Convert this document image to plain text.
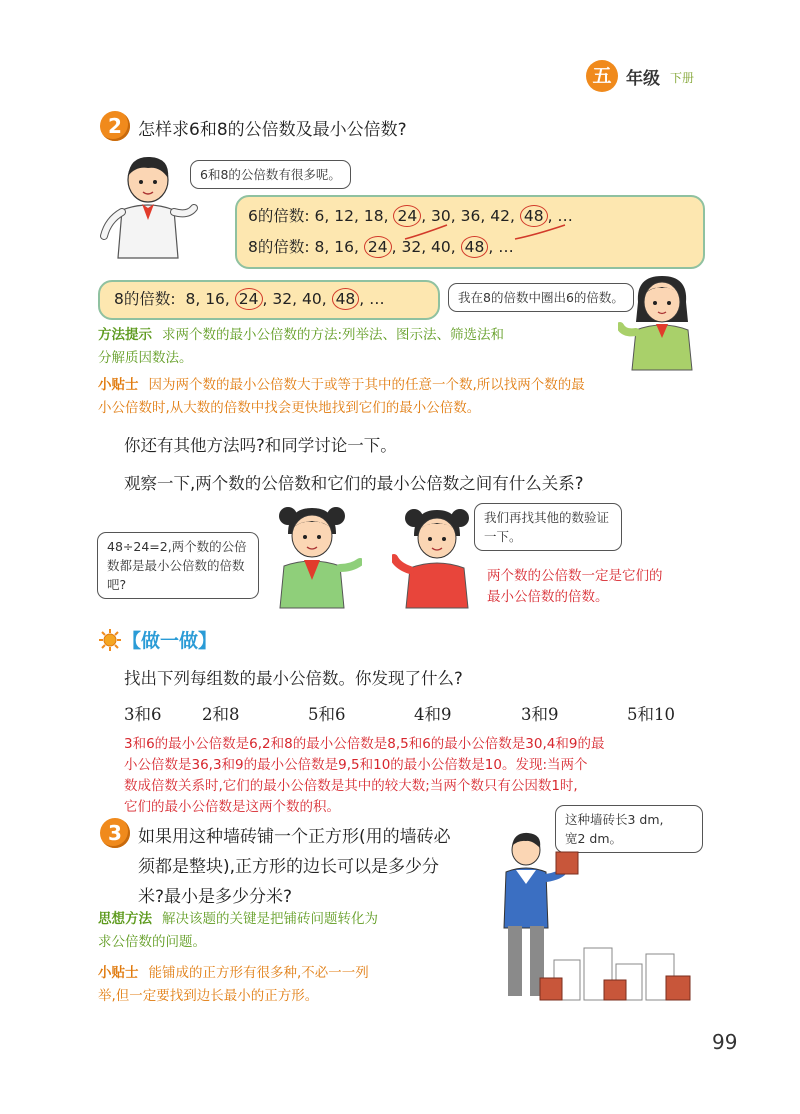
五 年级 下册
2 怎样求6和8的公倍数及最小公倍数?
6和8的公倍数有很多呢。
6的倍数: 6, 12, 18, 24 , 30, 36, 42, 48 , …
8的倍数: 8, 16, 24 , 32, 40, 48 , …
8的倍数: 8, 16, 24 , 32, 40, 48 , …	我在8的倍数中圈出6的倍数。
方法提示 求两个数的最小公倍数的方法:列举法、图示法、筛选法和
分解质因数法。
小贴士 因为两个数的最小公倍数大于或等于其中的任意一个数,所以找两个数的最
小公倍数时,从大数的倍数中找会更快地找到它们的最小公倍数。
你还有其他方法吗?和同学讨论一下。
观察一下,两个数的公倍数和它们的最小公倍数之间有什么关系?
48÷24=2,两个数的公倍数都是最小公倍数的倍数吧?
我们再找其他的数验证一下。
两个数的公倍数一定是它们的
最小公倍数的倍数。
【做一做】
找出下列每组数的最小公倍数。你发现了什么?
3和6 2和8	5和6	4和9	3和9	5和10
3和6的最小公倍数是6,2和8的最小公倍数是8,5和6的最小公倍数是30,4和9的最
小公倍数是36,3和9的最小公倍数是9,5和10的最小公倍数是10。发现:当两个
数成倍数关系时,它们的最小公倍数是其中的较大数;当两个数只有公因数1时,
它们的最小公倍数是这两个数的积。
3 如果用这种墙砖铺一个正方形(用的墙砖必
须都是整块),正方形的边长可以是多少分
米?最小是多少分米?
这种墙砖长3 dm,
宽2 dm。
思想方法 解决该题的关键是把铺砖问题转化为
求公倍数的问题。
小贴士 能铺成的正方形有很多种,不必一一列
举,但一定要找到边长最小的正方形。
99
